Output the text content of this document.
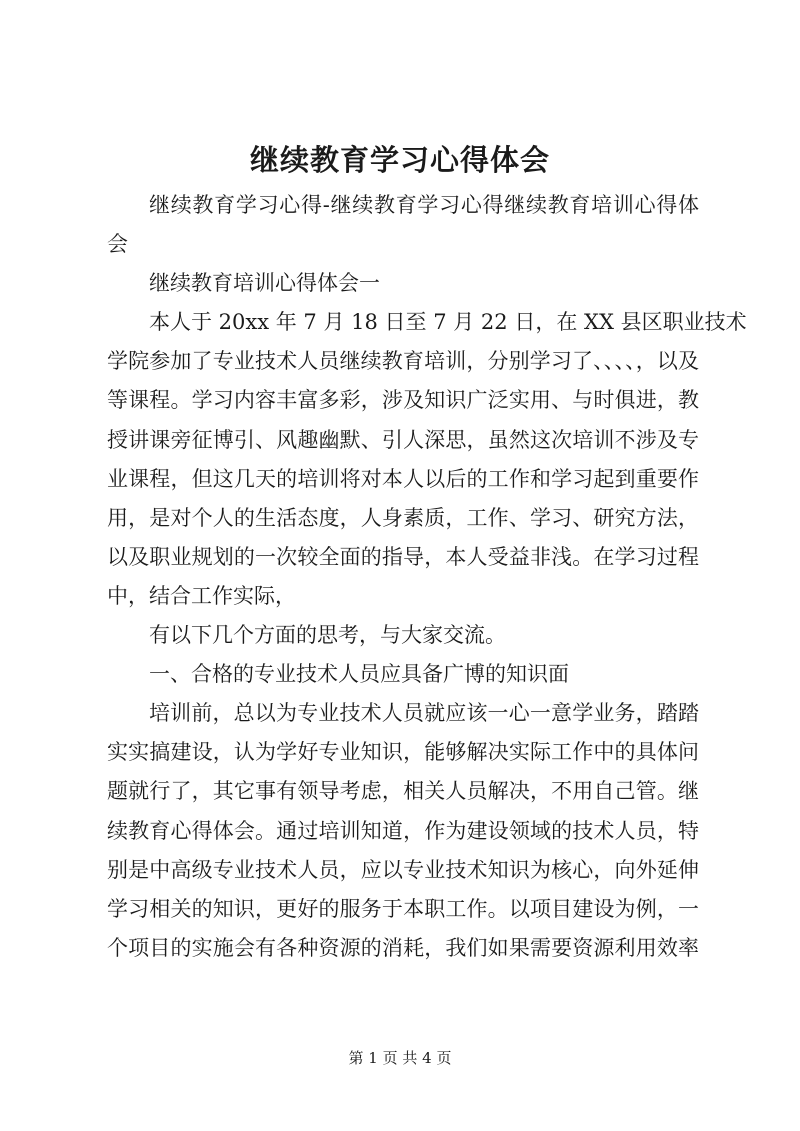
继续教育学习心得体会
继续教育学习心得-继续教育学习心得继续教育培训心得体
会
继续教育培训心得体会一
本人于 20xx 年 7 月 18 日至 7 月 22 日，在 XX 县区职业技术
学院参加了专业技术人员继续教育培训，分别学习了、、、、，以及
等课程。学习内容丰富多彩，涉及知识广泛实用、与时俱进，教
授讲课旁征博引、风趣幽默、引人深思，虽然这次培训不涉及专
业课程，但这几天的培训将对本人以后的工作和学习起到重要作
用，是对个人的生活态度，人身素质，工作、学习、研究方法，
以及职业规划的一次较全面的指导，本人受益非浅。在学习过程
中，结合工作实际，
有以下几个方面的思考，与大家交流。
一、合格的专业技术人员应具备广博的知识面
培训前，总以为专业技术人员就应该一心一意学业务，踏踏
实实搞建设，认为学好专业知识，能够解决实际工作中的具体问
题就行了，其它事有领导考虑，相关人员解决，不用自己管。继
续教育心得体会。通过培训知道，作为建设领域的技术人员，特
别是中高级专业技术人员，应以专业技术知识为核心，向外延伸
学习相关的知识，更好的服务于本职工作。以项目建设为例，一
个项目的实施会有各种资源的消耗，我们如果需要资源利用效率
第 1 页 共 4 页
